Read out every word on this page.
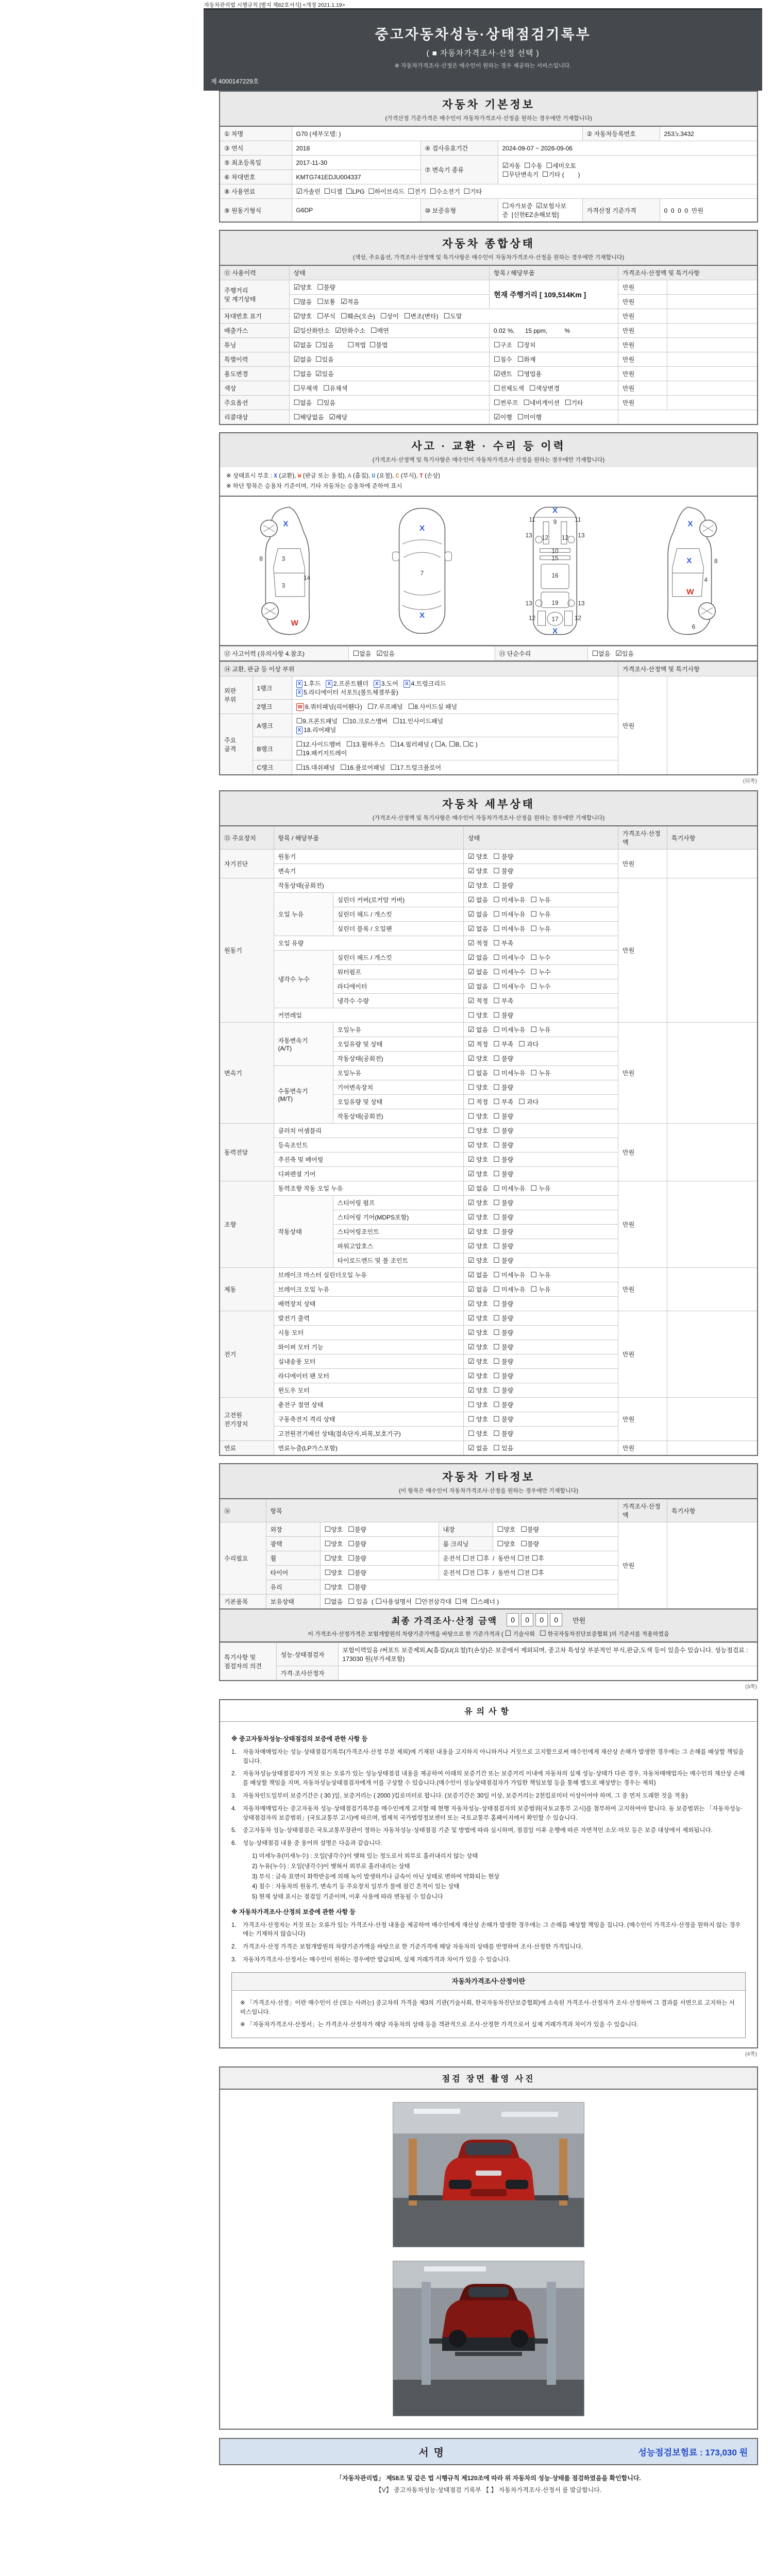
자동차관리법 시행규칙 [별지 제82호서식] <개정 2021.1.19>
중고자동차성능·상태점검기록부
( ■ 자동차가격조사·산정 선택 )
※ 자동차가격조사·산정은 매수인이 원하는 경우 제공하는 서비스입니다.
제 4000147229호
자동차 기본정보
(가격산정 기준가격은 매수인이 자동차가격조사·산정을 원하는 경우에만 기재합니다)
① 차명	G70 (세부모델: )			② 자동차등록번호	253노3432
③ 연식	2018	④ 검사유효기간	2024-09-07 ~ 2026-09-06		
⑤ 최초등록일	2017-11-30	⑦ 변속기 종류	☑자동  ☐수동  ☐세미오토
☐무단변속기  ☐기타 (        )		
⑥ 차대번호	KMTG741EDJU004337				
⑧ 사용연료	☑가솔린  ☐디젤  ☐LPG  ☐하이브리드  ☐전기  ☐수소전기  ☐기타				
⑨ 원동기형식	G6DP	⑩ 보증유형	☐자가보증  ☑보험사보증  [신한EZ손해보험]	가격산정 기준가격	0  0  0  0  만원
자동차 종합상태
(색상, 주요옵션, 가격조사·산정액 및 특기사항은 매수인이 자동차가격조사·산정을 원하는 경우에만 기재합니다)
⑪ 사용이력	상태	항목 / 해당부품	가격조사·산정액 및 특기사항	
주행거리
및 계기상태	☑양호   ☐불량	현재 주행거리 [ 109,514Km ]	만원	
	☐많음   ☐보통   ☑적음		만원	
차대번호 표기	☑양호   ☐부식   ☐훼손(오손)   ☐상이   ☐변조(변타)   ☐도말		만원	
배출가스	☑일산화탄소   ☑탄화수소   ☐매연	0.02 %,      15 ppm,          %	만원	
튜닝	☑없음  ☐있음        ☐적법  ☐불법	☐구조   ☐장치	만원	
특별이력	☑없음  ☐있음	☐침수   ☐화재	만원	
용도변경	☐없음  ☑있음	☑렌트   ☐영업용	만원	
색상	☐무채색   ☐유채색	☐전체도색   ☐색상변경	만원	
주요옵션	☐없음   ☐있음	☐썬루프   ☐네비게이션   ☐기타	만원	
리콜대상	☐해당없음   ☑해당	☑이행   ☐미이행		
사고 · 교환 · 수리 등 이력
(가격조사·산정액 및 특기사항은 매수인이 자동차가격조사·산정을 원하는 경우에만 기재합니다)
※ 상태표시 부호 : X (교환), W (판금 또는 용접), A (흠집), U (요철), C (부식), T (손상)
※ 하단 항목은 승용차 기준이며, 기타 자동차는 승용차에 준하여 표시
8	3
3
14
X
W
7
X
X
11	11
13	13
12 12
9
10
15
16
13	13
19
12	12
17
X
X
8
4
6
X
X
W
⑫ 사고이력 (유의사항 4.참조)	☐없음   ☑있음	⑬ 단순수리	☐없음   ☑있음
⑭ 교환, 판금 등 이상 부위			가격조사·산정액 및 특기사항	
외판
부위	1랭크	X 1.후드   X 2.프론트휀더   X 3.도어   X 4.트렁크리드
X 5.라디에이터 서포트(볼트체결부품)	만원	
	2랭크	W 6.쿼터패널(리어휀다)   ☐7.루프패널   ☐8.사이드실 패널		
주요
골격	A랭크	☐9.프론트패널   ☐10.크로스멤버   ☐11.인사이드패널
X 18.리어패널		
	B랭크	☐12.사이드멤버   ☐13.휠하우스   ☐14.필러패널 ( ☐A, ☐B, ☐C )
☐19.패키지트레이		
	C랭크	☐15.대쉬패널   ☐16.플로어패널   ☐17.트렁크플로어		
(뒤쪽)
자동차 세부상태
(가격조사·산정액 및 특기사항은 매수인이 자동차가격조사·산정을 원하는 경우에만 기재합니다)
⑮ 주요장치	항목 / 해당부품		상태	가격조사·산정액	특기사항
자기진단	원동기		☑ 양호   ☐ 불량	만원	
	변속기		☑ 양호   ☐ 불량		
원동기	작동상태(공회전)		☑ 양호   ☐ 불량	만원	
	오일 누유	실린더 커버(로커암 커버)	☑ 없음   ☐ 미세누유   ☐ 누유		
		실린더 헤드 / 개스킷	☑ 없음   ☐ 미세누유   ☐ 누유		
		실린더 블록 / 오일팬	☑ 없음   ☐ 미세누유   ☐ 누유		
	오일 유량		☑ 적정   ☐ 부족		
	냉각수 누수	실린더 헤드 / 개스킷	☑ 없음   ☐ 미세누수   ☐ 누수		
		워터펌프	☑ 없음   ☐ 미세누수   ☐ 누수		
		라디에이터	☑ 없음   ☐ 미세누수   ☐ 누수		
		냉각수 수량	☑ 적정   ☐ 부족		
	커먼레일		☐ 양호   ☐ 불량		
변속기	자동변속기
(A/T)	오일누유	☑ 없음   ☐ 미세누유   ☐ 누유	만원	
		오일유량 및 상태	☑ 적정   ☐ 부족   ☐ 과다		
		작동상태(공회전)	☑ 양호   ☐ 불량		
	수동변속기
(M/T)	오일누유	☐ 없음   ☐ 미세누유   ☐ 누유		
		기어변속장치	☐ 양호   ☐ 불량		
		오일유량 및 상태	☐ 적정   ☐ 부족   ☐ 과다		
		작동상태(공회전)	☐ 양호   ☐ 불량		
동력전달	클러치 어셈블리		☐ 양호   ☐ 불량	만원	
	등속조인트		☑ 양호   ☐ 불량		
	추진축 및 베어링		☑ 양호   ☐ 불량		
	디퍼렌셜 기어		☑ 양호   ☐ 불량		
조향	동력조향 작동 오일 누유		☑ 없음   ☐ 미세누유   ☐ 누유	만원	
	작동상태	스티어링 펌프	☑ 양호   ☐ 불량		
		스티어링 기어(MDPS포함)	☑ 양호   ☐ 불량		
		스티어링조인트	☑ 양호   ☐ 불량		
		파워고압호스	☑ 양호   ☐ 불량		
		타이로드엔드 및 볼 조인트	☑ 양호   ☐ 불량		
제동	브레이크 마스터 실린더오일 누유		☑ 없음   ☐ 미세누유   ☐ 누유	만원	
	브레이크 오일 누유		☑ 없음   ☐ 미세누유   ☐ 누유		
	배력장치 상태		☑ 양호   ☐ 불량		
전기	발전기 출력		☑ 양호   ☐ 불량	만원	
	시동 모터		☑ 양호   ☐ 불량		
	와이퍼 모터 기능		☑ 양호   ☐ 불량		
	실내송풍 모터		☑ 양호   ☐ 불량		
	라디에이터 팬 모터		☑ 양호   ☐ 불량		
	윈도우 모터		☑ 양호   ☐ 불량		
고전원
전기장치	충전구 절연 상태		☐ 양호   ☐ 불량	만원	
	구동축전지 격리 상태		☐ 양호   ☐ 불량		
	고전원전기배선 상태(접속단자,피복,보호기구)		☐ 양호   ☐ 불량		
연료	연료누출(LP가스포함)		☑ 없음   ☐ 있음	만원	
자동차 기타정보
(이 항목은 매수인이 자동차가격조사·산정을 원하는 경우에만 기재합니다)
⑯	항목				가격조사·산정액	특기사항
수리필요	외장	☐양호   ☐불량	내장	☐양호   ☐불량	만원	
	광택	☐양호   ☐불량	룸 크리닝	☐양호   ☐불량		
	휠	☐양호   ☐불량	운전석 ☐전 ☐후  /  동반석 ☐전 ☐후			
	타이어	☐양호   ☐불량	운전석 ☐전 ☐후  /  동반석 ☐전 ☐후			
	유리	☐양호   ☐불량				
기본품목	보유상태	☐없음   ☐ 있음  ( ☐사용설명서  ☐안전삼각대  ☐잭  ☐스패너 )				
최종 가격조사·산정 금액	0 0 0 0	만원
이 가격조사·산정가격은 보험개발원의 차량기준가액을 바탕으로 한 기준가격과 ( ☐ 기술사회   ☐ 한국자동차진단보증협회 )의 기준서를 적용하였음
특기사항 및
점검자의 의견	성능·상태점검자	보험이력있음 /써포트 보증제외,A(흠집)U(요철)T(손상)은 보증에서 제외되며, 중고차 특성상 부분적인 부식,판금,도색 등이 있을수 있습니다. 성능점검료 : 173030 원(부가세포함)
	가격·조사산정자	
(3쪽)
유의사항
※ 중고자동차성능·상태점검의 보증에 관한 사항 등
1.	자동차매매업자는 성능·상태점검기록부(가격조사·산정 부분 제외)에 기재된 내용을 고지하지 아니하거나 거짓으로 고지함으로써 매수인에게 재산상 손해가 발생한 경우에는 그 손해를 배상할 책임을 집니다.
2.	자동차성능상태점검자가 거짓 또는 오류가 있는 성능상태점검 내용을 제공하여 아래의 보증기간 또는 보증거리 이내에 자동차의 실제 성능·상태가 다른 경우, 자동차매매업자는 매수인의 재산상 손해를 배상할 책임을 지며, 자동차성능상태점검자에게 이를 구상할 수 있습니다.(매수인이 성능상태점검자가 가입한 책임보험 등을 통해 별도로 배상받는 경우는 제외)
3.	자동차인도일부터 보증기간은 ( 30 )일, 보증거리는 ( 2000 )킬로미터로 합니다. (보증기간은 30일 이상, 보증거리는 2천킬로미터 이상이어야 하며, 그 중 먼저 도래한 것을 적용)
4.	자동차매매업자는 중고자동차 성능·상태점검기록부를 매수인에게 고지할 때 현행 자동차성능·상태점검자의 보증범위(국토교통부 고시)를 첨부하여 고지하여야 합니다. 동 보증범위는 「자동차성능·상태점검자의 보증범위」(국토교통부 고시)에 따르며, 법제처 국가법령정보센터 또는 국토교통부 홈페이지에서 확인할 수 있습니다.
5.	중고자동차 성능·상태점검은 국토교통부장관이 정하는 자동차성능·상태점검 기준 및 방법에 따라 실시하며, 점검일 이후 운행에 따른 자연적인 소모·마모 등은 보증 대상에서 제외됩니다.
6.	성능·상태점검 내용 중 용어의 설명은 다음과 같습니다.
1) 미세누유(미세누수) : 오일(냉각수)이 맺혀 있는 정도로서 외부로 흘러내리지 않는 상태
2) 누유(누수) : 오일(냉각수)이 맺혀서 외부로 흘러내리는 상태
3) 부식 : 금속 표면이 화학반응에 의해 녹이 발생하거나 금속이 아닌 상태로 변하여 약화되는 현상
4) 침수 : 자동차의 원동기, 변속기 등 주요장치 일부가 물에 잠긴 흔적이 있는 상태
5) 현재 상태 표시는 점검일 기준이며, 이후 사용에 따라 변동될 수 있습니다
※ 자동차가격조사·산정의 보증에 관한 사항 등
1.	가격조사·산정자는 거짓 또는 오류가 있는 가격조사·산정 내용을 제공하여 매수인에게 재산상 손해가 발생한 경우에는 그 손해를 배상할 책임을 집니다. (매수인이 가격조사·산정을 원하지 않는 경우에는 기재하지 않습니다)
2.	가격조사·산정 가격은 보험개발원의 차량기준가액을 바탕으로 한 기준가격에 해당 자동차의 상태를 반영하여 조사·산정한 가격입니다.
3.	자동차가격조사·산정서는 매수인이 원하는 경우에만 발급되며, 실제 거래가격과 차이가 있을 수 있습니다.
자동차가격조사·산정이란
※ 「가격조사·산정」이란 매수인이 산 (또는 사려는) 중고차의 가격을 제3의 기관(기술사회, 한국자동차진단보증협회)에 소속된 가격조사·산정자가 조사·산정하여 그 결과를 서면으로 고지하는 서비스입니다.
※ 「자동차가격조사·산정서」는 가격조사·산정자가 해당 자동차의 상태 등을 객관적으로 조사·산정한 가격으로서 실제 거래가격과 차이가 있을 수 있습니다.
(4쪽)
점검 장면 촬영 사진
서명	성능점검보험료 : 173,030 원
「자동차관리법」 제58조 및 같은 법 시행규칙 제120조에 따라 위 자동차의 성능·상태를 점검하였음을 확인합니다.
【V】 중고자동차성능·상태점검 기록부 【 】 자동차가격조사·산정서 를 발급합니다.
